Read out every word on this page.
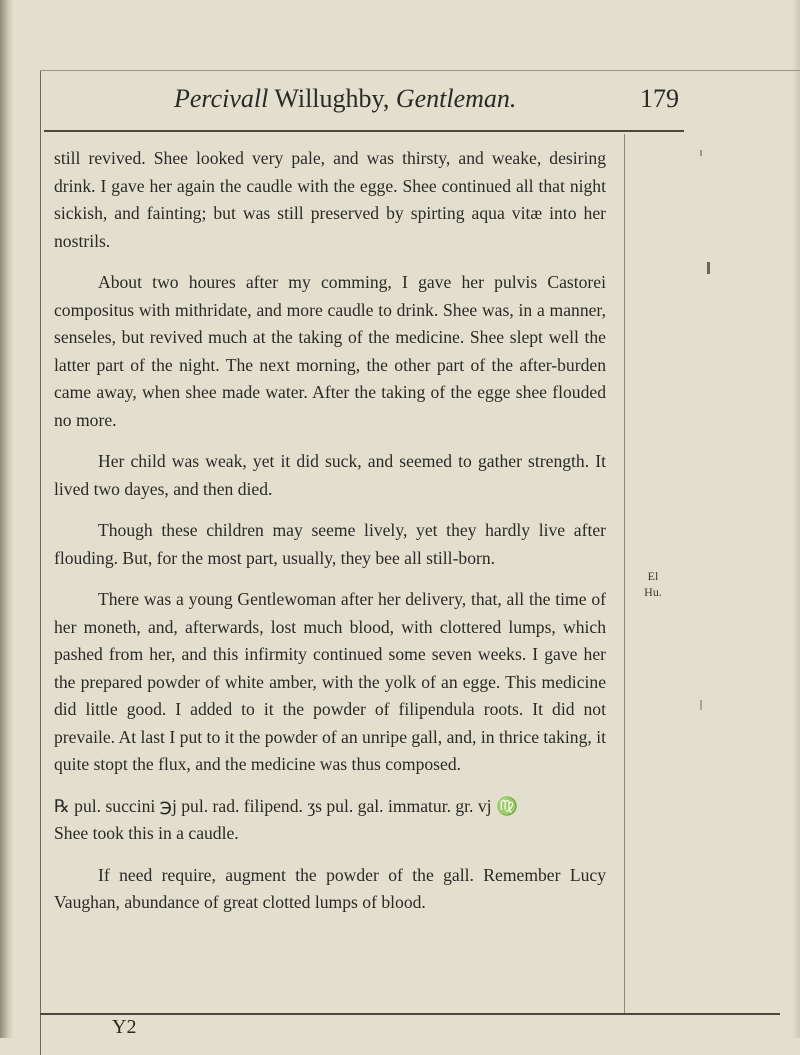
Percivall Willughby, Gentleman.	179

still revived. Shee looked very pale, and was thirsty, and weake, desiring drink. I gave her again the caudle with the egge. Shee continued all that night sickish, and fainting; but was still preserved by spirting aqua vitæ into her nostrils.

About two houres after my comming, I gave her pulvis Castorei compositus with mithridate, and more caudle to drink. Shee was, in a manner, senseles, but revived much at the taking of the medicine. Shee slept well the latter part of the night. The next morning, the other part of the after-burden came away, when shee made water. After the taking of the egge shee flouded no more.

Her child was weak, yet it did suck, and seemed to gather strength. It lived two dayes, and then died.

Though these children may seeme lively, yet they hardly live after flouding. But, for the most part, usually, they bee all still-born.

There was a young Gentlewoman after her delivery, that, all the time of her moneth, and, afterwards, lost much blood, with clottered lumps, which pashed from her, and this infirmity continued some seven weeks. I gave her the prepared powder of white amber, with the yolk of an egge. This medicine did little good. I added to it the powder of filipendula roots. It did not prevaile. At last I put to it the powder of an unripe gall, and, in thrice taking, it quite stopt the flux, and the medicine was thus composed.

℞ pul. succini ℈j pul. rad. filipend. ʒs pul. gal. immatur. gr. vj ♍
Shee took this in a caudle.

If need require, augment the powder of the gall. Remember Lucy Vaughan, abundance of great clotted lumps of blood.

El
Hu.
Y2
